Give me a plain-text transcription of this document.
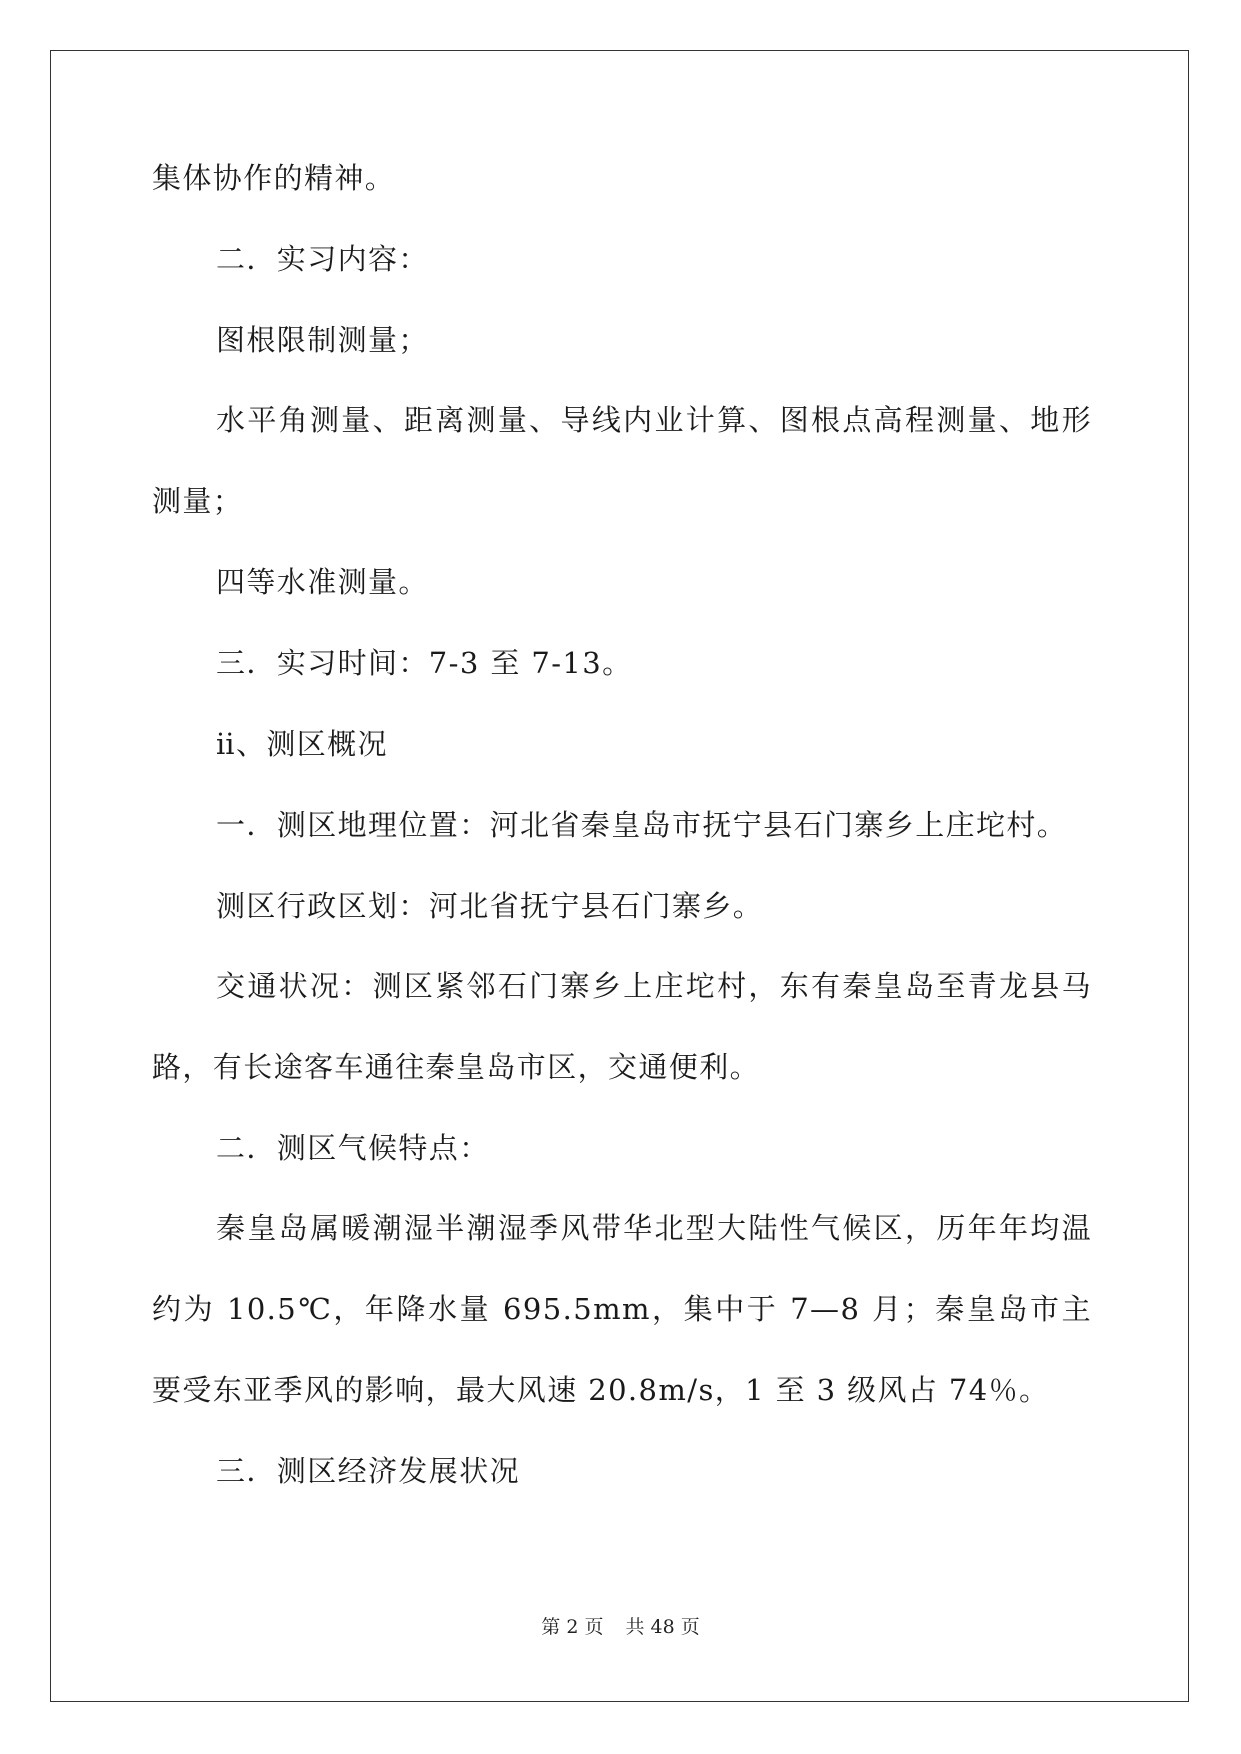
集体协作的精神。

二．实习内容：

图根限制测量；

水平角测量、距离测量、导线内业计算、图根点高程测量、地形测量；

四等水准测量。

三．实习时间：7-3 至 7-13。

ⅱ、测区概况

一．测区地理位置：河北省秦皇岛市抚宁县石门寨乡上庄坨村。

测区行政区划：河北省抚宁县石门寨乡。

交通状况：测区紧邻石门寨乡上庄坨村，东有秦皇岛至青龙县马路，有长途客车通往秦皇岛市区，交通便利。

二．测区气候特点：

秦皇岛属暖潮湿半潮湿季风带华北型大陆性气候区，历年年均温约为 10.5℃，年降水量 695.5mm，集中于 7—8 月；秦皇岛市主要受东亚季风的影响，最大风速 20.8m/s，1 至 3 级风占 74％。

三．测区经济发展状况

第 2 页 共 48 页
